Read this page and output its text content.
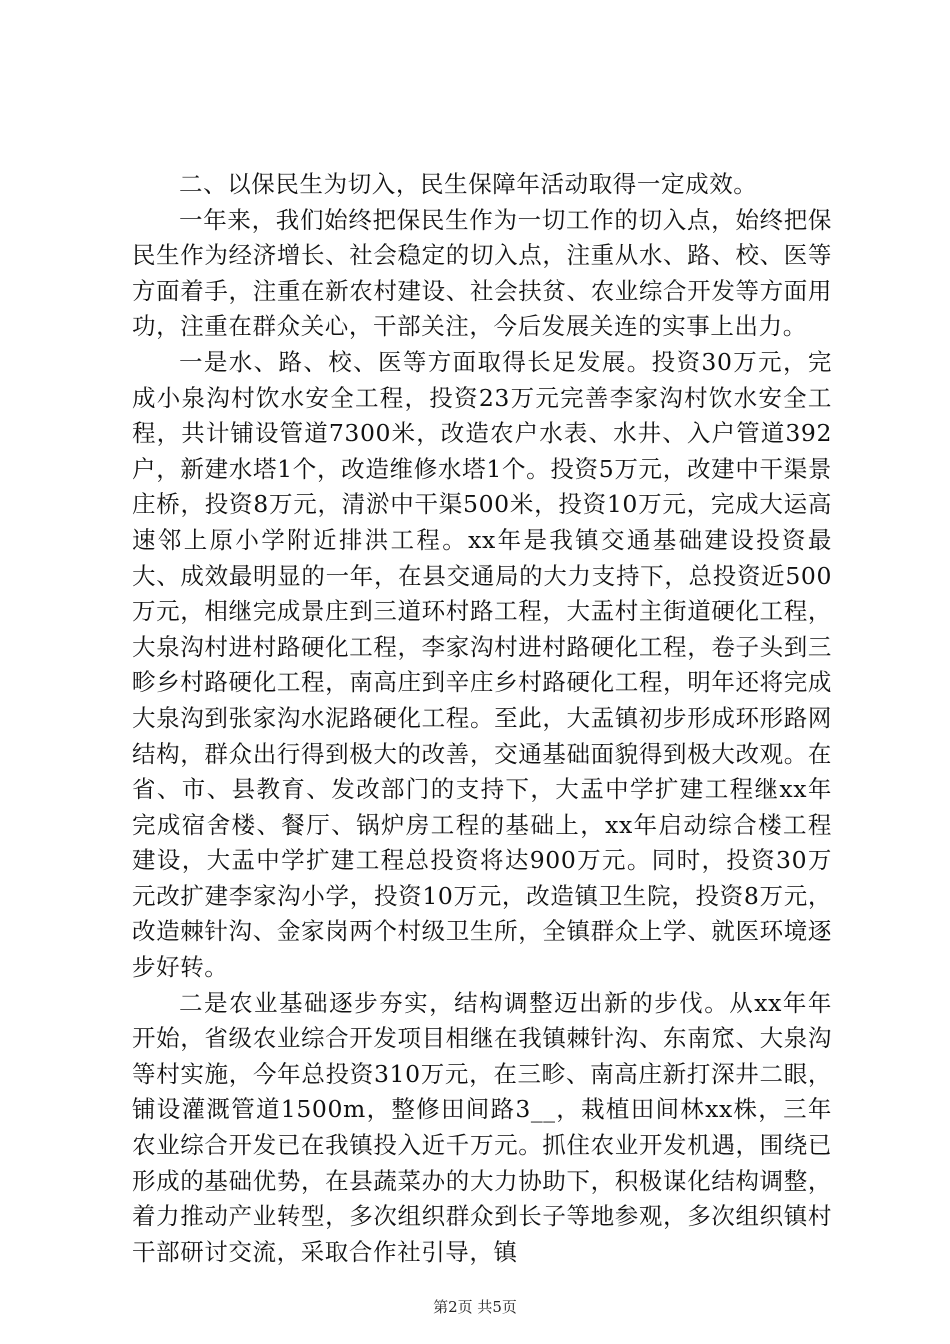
二、以保民生为切入，民生保障年活动取得一定成效。

一年来，我们始终把保民生作为一切工作的切入点，始终把保民生作为经济增长、社会稳定的切入点，注重从水、路、校、医等方面着手，注重在新农村建设、社会扶贫、农业综合开发等方面用功，注重在群众关心，干部关注，今后发展关连的实事上出力。

一是水、路、校、医等方面取得长足发展。投资30万元，完成小泉沟村饮水安全工程，投资23万元完善李家沟村饮水安全工程，共计铺设管道7300米，改造农户水表、水井、入户管道392户，新建水塔1个，改造维修水塔1个。投资5万元，改建中干渠景庄桥，投资8万元，清淤中干渠500米，投资10万元，完成大运高速邻上原小学附近排洪工程。xx年是我镇交通基础建设投资最大、成效最明显的一年，在县交通局的大力支持下，总投资近500万元，相继完成景庄到三道环村路工程，大盂村主街道硬化工程，大泉沟村进村路硬化工程，李家沟村进村路硬化工程，卷子头到三畛乡村路硬化工程，南高庄到辛庄乡村路硬化工程，明年还将完成大泉沟到张家沟水泥路硬化工程。至此，大盂镇初步形成环形路网结构，群众出行得到极大的改善，交通基础面貌得到极大改观。在省、市、县教育、发改部门的支持下，大盂中学扩建工程继xx年完成宿舍楼、餐厅、锅炉房工程的基础上，xx年启动综合楼工程建设，大盂中学扩建工程总投资将达900万元。同时，投资30万元改扩建李家沟小学，投资10万元，改造镇卫生院，投资8万元，改造棘针沟、金家岗两个村级卫生所，全镇群众上学、就医环境逐步好转。

二是农业基础逐步夯实，结构调整迈出新的步伐。从xx年年开始，省级农业综合开发项目相继在我镇棘针沟、东南窊、大泉沟等村实施，今年总投资310万元，在三畛、南高庄新打深井二眼，铺设灌溉管道1500m，整修田间路3__，栽植田间林xx株，三年农业综合开发已在我镇投入近千万元。抓住农业开发机遇，围绕已形成的基础优势，在县蔬菜办的大力协助下，积极谋化结构调整，着力推动产业转型，多次组织群众到长子等地参观，多次组织镇村干部研讨交流，采取合作社引导，镇

第2页 共5页
